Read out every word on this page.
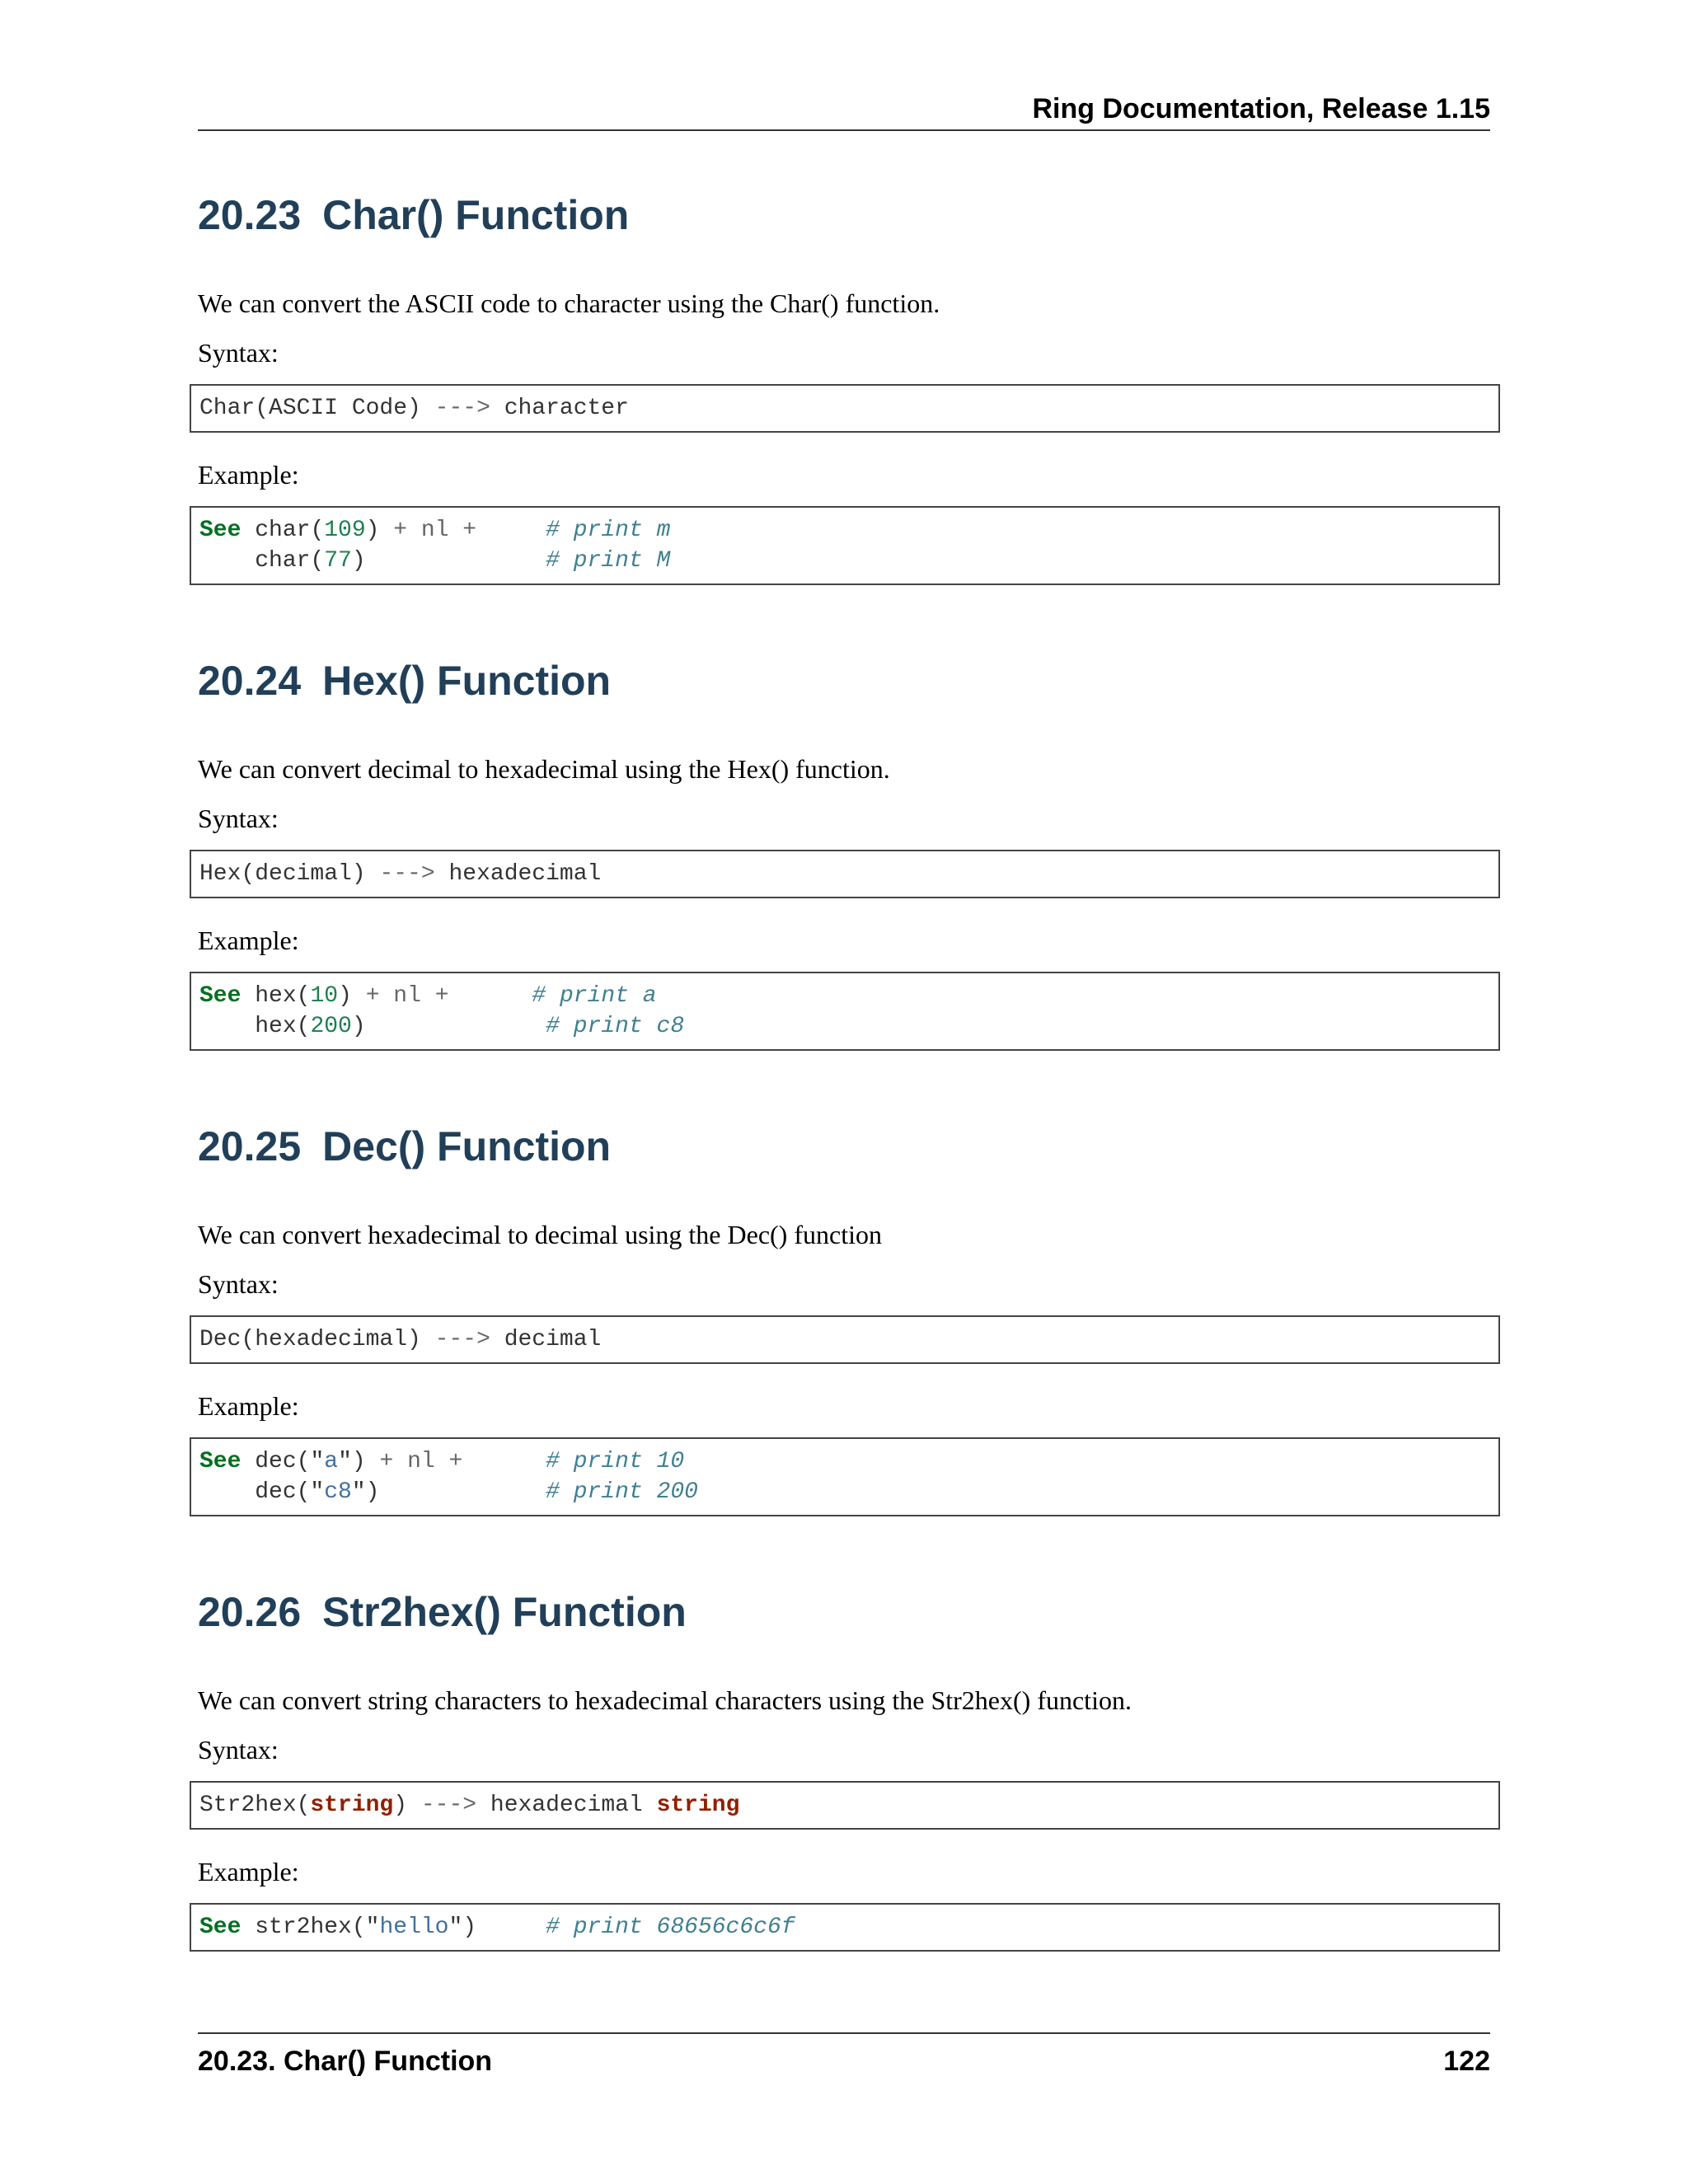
Ring Documentation, Release 1.15
20.23 Char() Function

We can convert the ASCII code to character using the Char() function.

Syntax:

Char(ASCII Code) ---> character

Example:

See char(109) + nl +	# print m
char(77)	# print M
20.24 Hex() Function

We can convert decimal to hexadecimal using the Hex() function.

Syntax:

Hex(decimal) ---> hexadecimal

Example:

See hex(10) + nl +	# print a
hex(200)	# print c8
20.25 Dec() Function

We can convert hexadecimal to decimal using the Dec() function

Syntax:

Dec(hexadecimal) ---> decimal

Example:

See dec("a") + nl +	# print 10
dec("c8")	# print 200
20.26 Str2hex() Function

We can convert string characters to hexadecimal characters using the Str2hex() function.

Syntax:

Str2hex(string) ---> hexadecimal string

Example:

See str2hex("hello")	# print 68656c6c6f
20.23. Char() Function	122
